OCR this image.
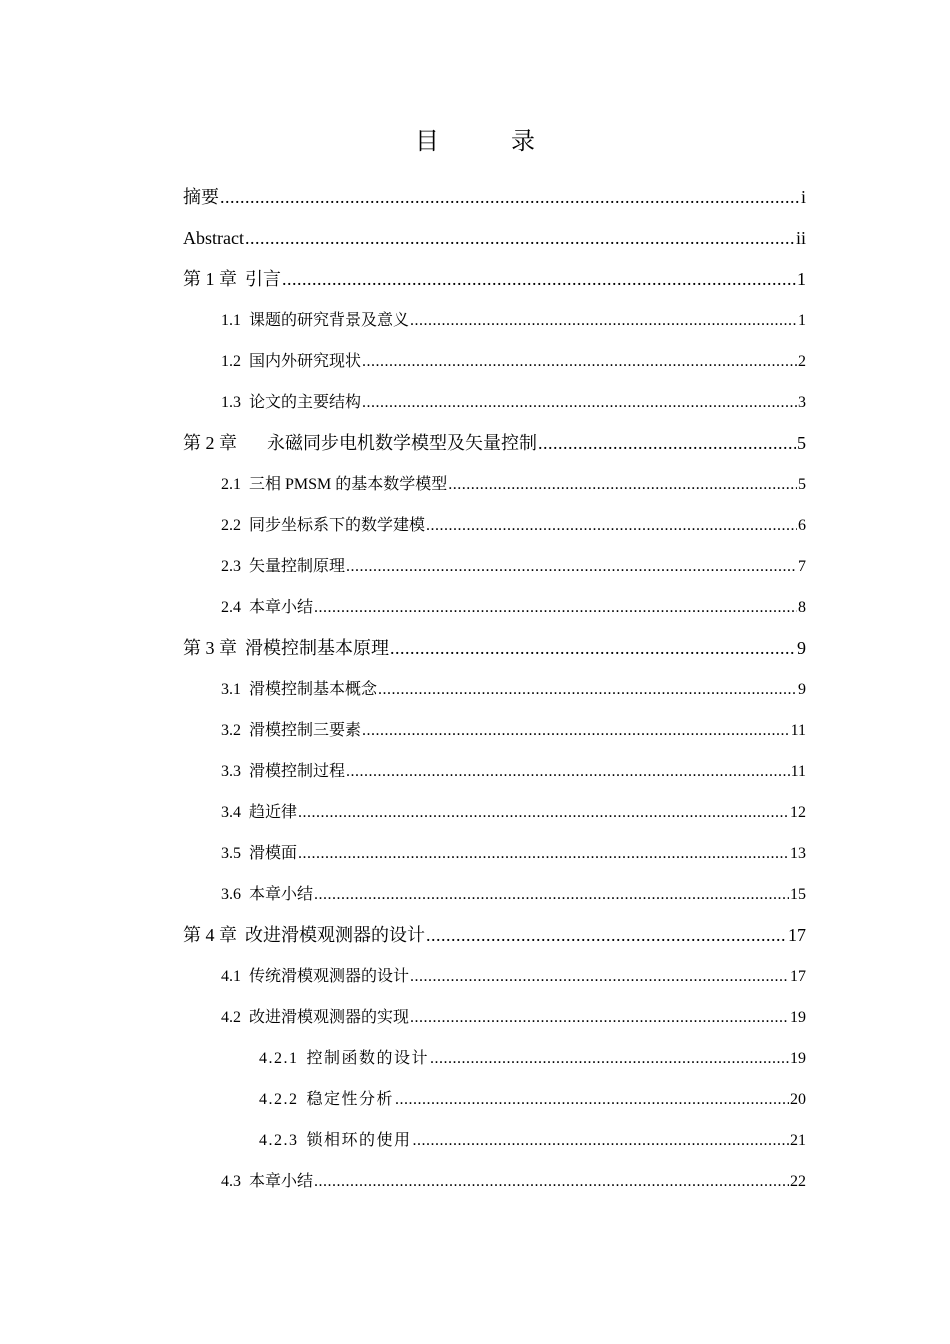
目　录
摘要 .....	i
Abstract .....	ii
第 1 章 引言 .....	1
1.1 课题的研究背景及意义 .....	1
1.2 国内外研究现状 .....	2
1.3 论文的主要结构 .....	3
第 2 章 永磁同步电机数学模型及矢量控制 .....	5
2.1 三相 PMSM 的基本数学模型 .....	5
2.2 同步坐标系下的数学建模 .....	6
2.3 矢量控制原理 .....	7
2.4 本章小结 .....	8
第 3 章 滑模控制基本原理 .....	9
3.1 滑模控制基本概念 .....	9
3.2 滑模控制三要素 .....	11
3.3 滑模控制过程 .....	11
3.4 趋近律 .....	12
3.5 滑模面 .....	13
3.6 本章小结 .....	15
第 4 章 改进滑模观测器的设计 .....	17
4.1 传统滑模观测器的设计 .....	17
4.2 改进滑模观测器的实现 .....	19
4.2.1 控制函数的设计 .....	19
4.2.2 稳定性分析 .....	20
4.2.3 锁相环的使用 .....	21
4.3 本章小结 .....	22
